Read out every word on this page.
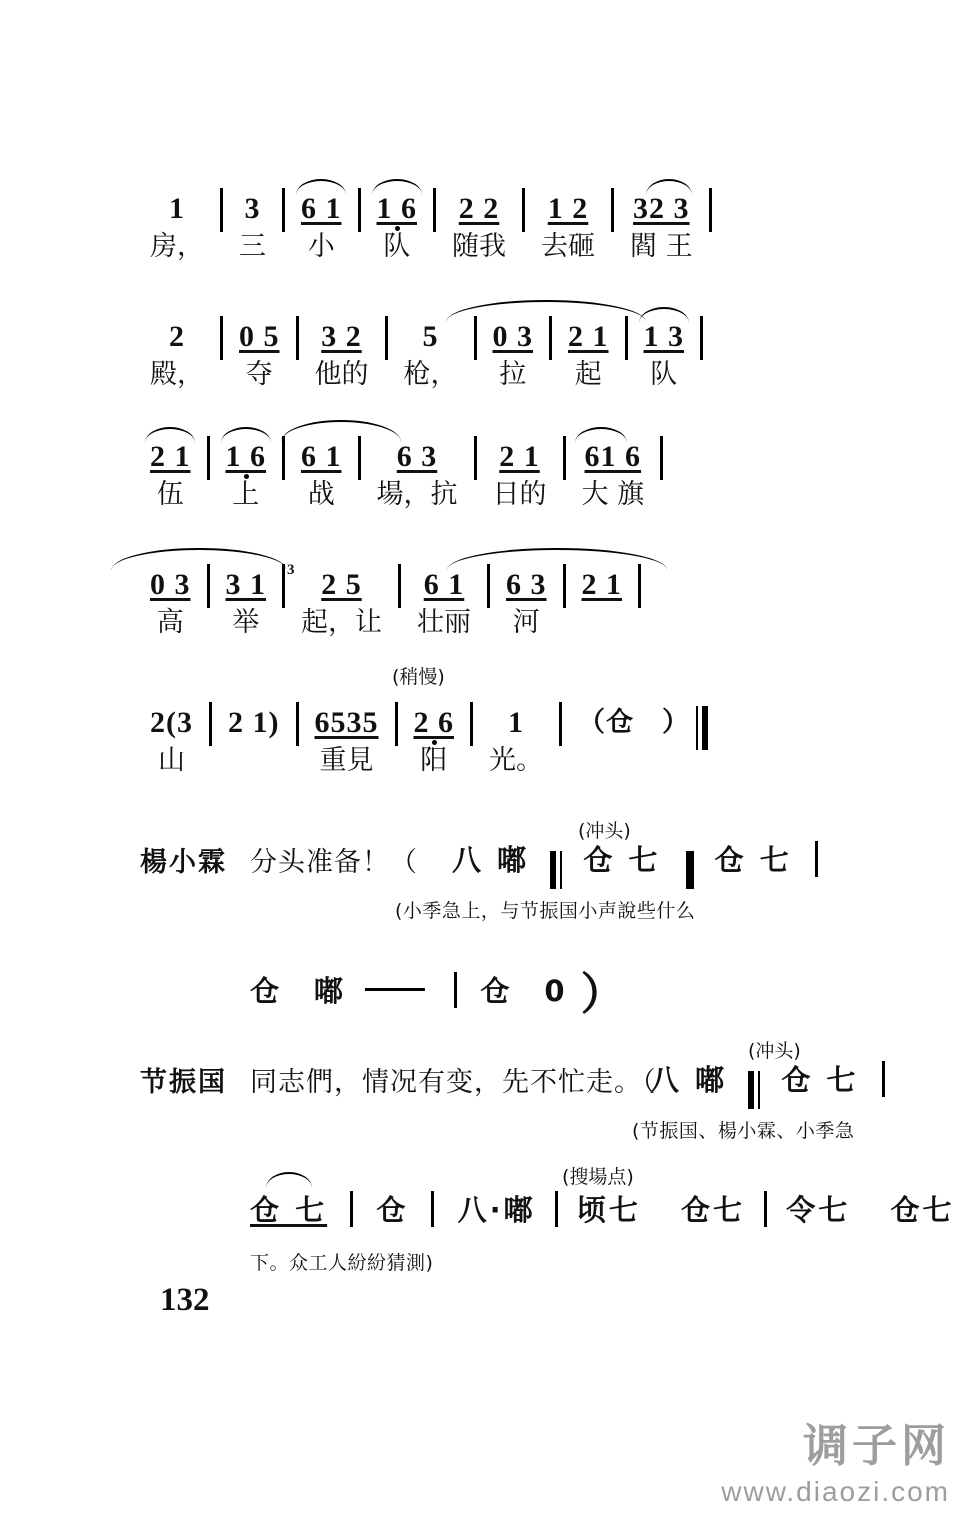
1
房，
3
三
6 1
小
1 6
队
2 2
随我
1 2
去砸
32 3
閻 王
2
殿，
0 5
夺
3 2
他的
5
枪，
0 3
拉
2 1
起
1 3
队
2 1
伍
1 6
上
6 1
战
6 3
場，抗
2 1
日的
61 6
大 旗
0 3
高
3 1
举
3 2 5
起，让
6 1
壮丽
6 3
河
2 1
(稍慢)
2(3
山
2 1) 6535
重見
2 6
阳
1
光。
（仓　）
楊小霖 分头准备！（
(冲头)
八 嘟 仓 七 仓 七
(小季急上，与节振国小声說些什么
仓　嘟	仓　0 ）
节振国 同志們，情况有变，先不忙走。（
(冲头)
八 嘟 仓 七
(节振国、楊小霖、小季急
(搜場点)
仓 七 仓 八·嘟 顷七 仓七 令七 仓七
下。众工人紛紛猜測)
132
调子网
www.diaozi.com
